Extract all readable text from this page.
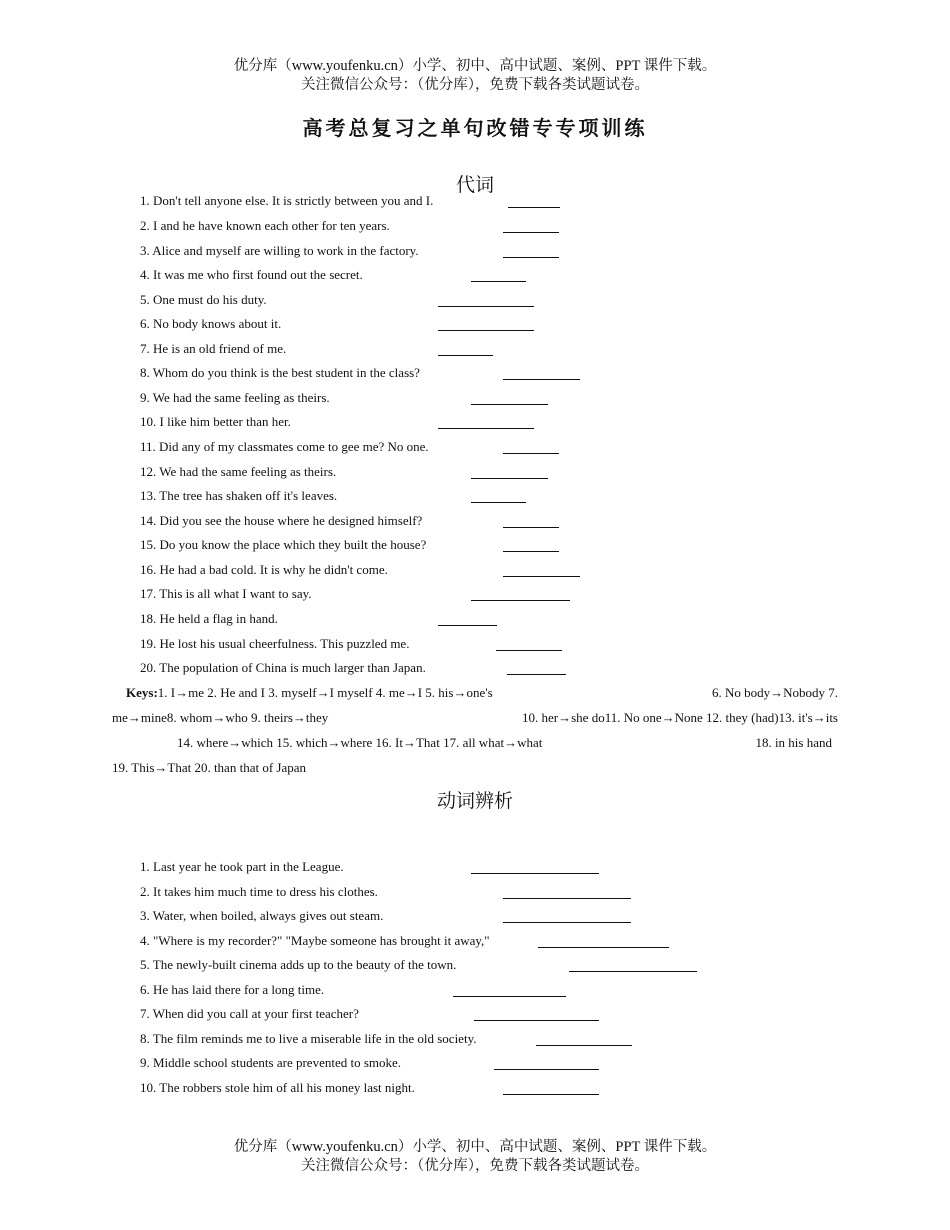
优分库（www.youfenku.cn）小学、初中、高中试题、案例、PPT 课件下载。
关注微信公众号：（优分库），免费下载各类试题试卷。
高考总复习之单句改错专专项训练
代词
1. Don't tell anyone else. It is strictly between you and I.
2. I and he have known each other for ten years.
3. Alice and myself are willing to work in the factory.
4. It was me who first found out the secret.
5. One must do his duty.
6. No body knows about it.
7. He is an old friend of me.
8. Whom do you think is the best student in the class?
9. We had the same feeling as theirs.
10. I like him better than her.
11. Did any of my classmates come to gee me? No one.
12. We had the same feeling as theirs.
13. The tree has shaken off it's leaves.
14. Did you see the house where he designed himself?
15. Do you know the place which they built the house?
16. He had a bad cold. It is why he didn't come.
17. This is all what I want to say.
18. He held a flag in hand.
19. He lost his usual cheerfulness. This puzzled me.
20. The population of China is much larger than Japan.
Keys:1. I→me 2. He and I 3. myself→I myself 4. me→I 5. his→one's	6. No body→Nobody 7.
me→mine8. whom→who 9. theirs→they	10. her→she do11. No one→None 12. they (had)13. it's→its
14. where→which 15. which→where 16. It→That 17. all what→what	18. in his hand
19. This→That 20. than that of Japan
动词辨析
1. Last year he took part in the League.
2. It takes him much time to dress his clothes.
3. Water, when boiled, always gives out steam.
4. "Where is my recorder?" "Maybe someone has brought it away,"
5. The newly-built cinema adds up to the beauty of the town.
6. He has laid there for a long time.
7. When did you call at your first teacher?
8. The film reminds me to live a miserable life in the old society.
9. Middle school students are prevented to smoke.
10. The robbers stole him of all his money last night.
优分库（www.youfenku.cn）小学、初中、高中试题、案例、PPT 课件下载。
关注微信公众号：（优分库），免费下载各类试题试卷。
